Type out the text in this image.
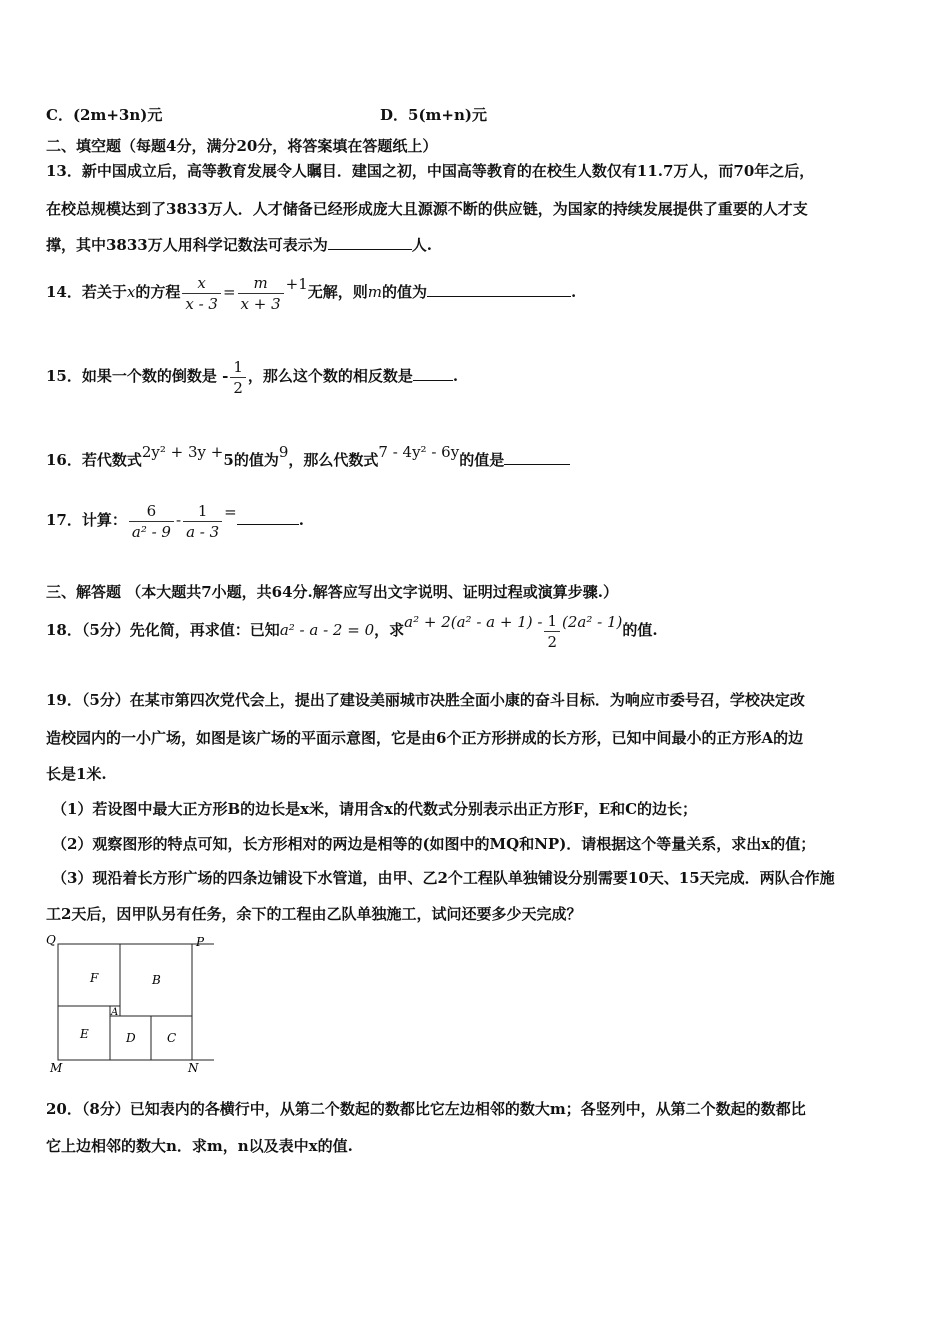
C．(2m+3n)元	D．5(m+n)元
二、填空题（每题4分，满分20分，将答案填在答题纸上）
13．新中国成立后，高等教育发展令人瞩目．建国之初，中国高等教育的在校生人数仅有11.7万人，而70年之后，
在校总规模达到了3833万人．人才储备已经形成庞大且源源不断的供应链，为国家的持续发展提供了重要的人才支
撑，其中3833万人用科学记数法可表示为	人.
14．若关于x的方程 $\frac{x}{x - 3} = \frac{m}{x + 3} +1$无解，则m的值为	.
15．如果一个数的倒数是 - $\frac{1}{2}$ ，那么这个数的相反数是	.
16．若代数式2y² + 3y +5的值为9，那么代数式7 - 4y² - 6y的值是
17．计算： $\frac{6}{\text{a² - 9}} - \frac{1}{a - 3}$ =	.
三、解答题 （本大题共7小题，共64分.解答应写出文字说明、证明过程或演算步骤.）
18．（5分）先化简，再求值：已知a² - a - 2 = 0，求$a^2 + 2(a^2 - a + 1) - \frac{1}{2} (2a^2 - 1)$的值.
19．（5分）在某市第四次党代会上，提出了建设美丽城市决胜全面小康的奋斗目标．为响应市委号召，学校决定改
造校园内的一小广场，如图是该广场的平面示意图，它是由6个正方形拼成的长方形，已知中间最小的正方形A的边
长是1米.
（1）若设图中最大正方形B的边长是x米，请用含x的代数式分别表示出正方形F，E和C的边长；
（2）观察图形的特点可知，长方形相对的两边是相等的(如图中的MQ和NP)．请根据这个等量关系，求出x的值；
（3）现沿着长方形广场的四条边铺设下水管道，由甲、乙2个工程队单独铺设分别需要10天、15天完成．两队合作施
工2天后，因甲队另有任务，余下的工程由乙队单独施工，试问还要多少天完成？
Q	P
M	N
F	B
A
E	D	C
20．（8分）已知表内的各横行中，从第二个数起的数都比它左边相邻的数大m；各竖列中，从第二个数起的数都比
它上边相邻的数大n．求m，n以及表中x的值.
